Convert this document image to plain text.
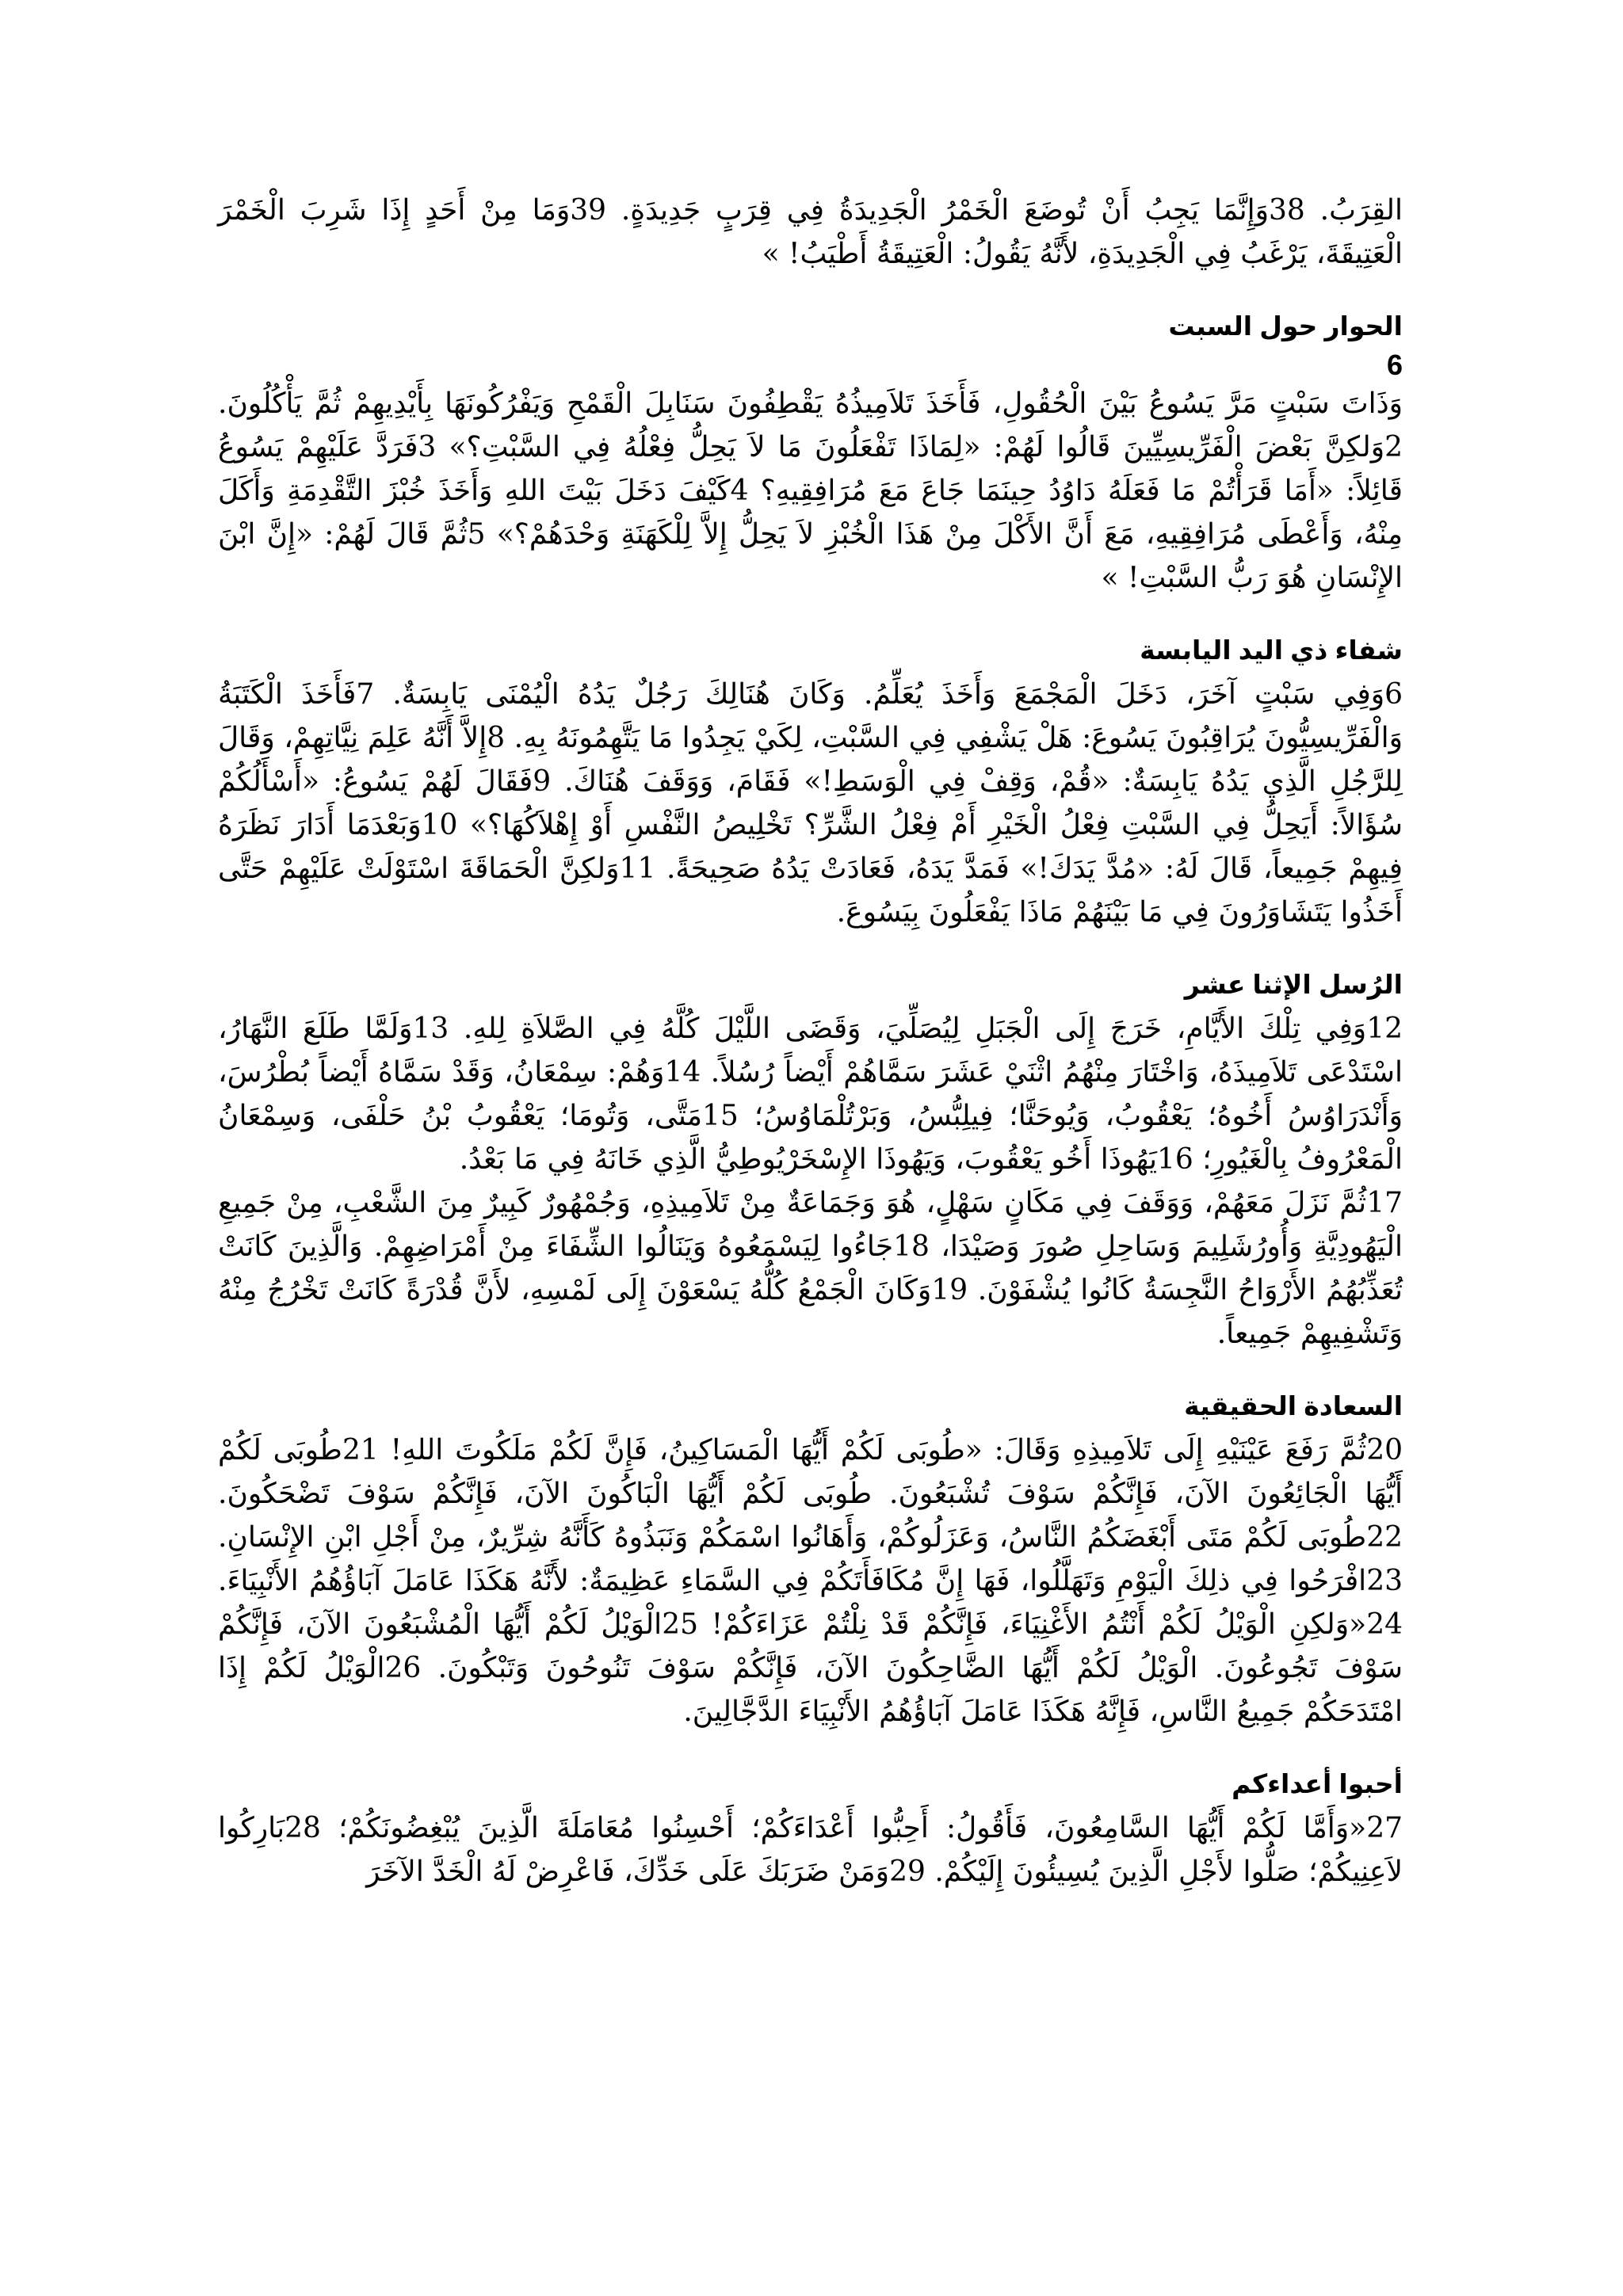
القِرَبُ. 38وَإِنَّمَا يَجِبُ أَنْ تُوضَعَ الْخَمْرُ الْجَدِيدَةُ فِي قِرَبٍ جَدِيدَةٍ. 39وَمَا مِنْ أَحَدٍ إِذَا شَرِبَ الْخَمْرَ الْعَتِيقَةَ، يَرْغَبُ فِي الْجَدِيدَةِ، لأَنَّهُ يَقُولُ: الْعَتِيقَةُ أَطْيَبُ! »

الحوار حول السبت
6

وَذَاتَ سَبْتٍ مَرَّ يَسُوعُ بَيْنَ الْحُقُولِ، فَأَخَذَ تَلاَمِيذُهُ يَقْطِفُونَ سَنَابِلَ الْقَمْحِ وَيَفْرُكُونَهَا بِأَيْدِيهِمْ ثُمَّ يَأْكُلُونَ. 2وَلكِنَّ بَعْضَ الْفَرِّيسِيِّينَ قَالُوا لَهُمْ: «لِمَاذَا تَفْعَلُونَ مَا لاَ يَحِلُّ فِعْلُهُ فِي السَّبْتِ؟» 3فَرَدَّ عَلَيْهِمْ يَسُوعُ قَائِلاً: «أَمَا قَرَأْتُمْ مَا فَعَلَهُ دَاوُدُ حِينَمَا جَاعَ مَعَ مُرَافِقِيهِ؟ 4كَيْفَ دَخَلَ بَيْتَ اللهِ وَأَخَذَ خُبْزَ التَّقْدِمَةِ وَأَكَلَ مِنْهُ، وَأَعْطَى مُرَافِقِيهِ، مَعَ أَنَّ الأَكْلَ مِنْ هَذَا الْخُبْزِ لاَ يَحِلُّ إِلاَّ لِلْكَهَنَةِ وَحْدَهُمْ؟» 5ثُمَّ قَالَ لَهُمْ: «إِنَّ ابْنَ الإِنْسَانِ هُوَ رَبُّ السَّبْتِ! »

شفاء ذي اليد اليابسة

6وَفِي سَبْتٍ آخَرَ، دَخَلَ الْمَجْمَعَ وَأَخَذَ يُعَلِّمُ. وَكَانَ هُنَالِكَ رَجُلٌ يَدُهُ الْيُمْنَى يَابِسَةٌ. 7فَأَخَذَ الْكَتَبَةُ وَالْفَرِّيسِيُّونَ يُرَاقِبُونَ يَسُوعَ: هَلْ يَشْفِي فِي السَّبْتِ، لِكَيْ يَجِدُوا مَا يَتَّهِمُونَهُ بِهِ. 8إِلاَّ أَنَّهُ عَلِمَ نِيَّاتِهِمْ، وَقَالَ لِلرَّجُلِ الَّذِي يَدُهُ يَابِسَةٌ: «قُمْ، وَقِفْ فِي الْوَسَطِ!» فَقَامَ، وَوَقَفَ هُنَاكَ. 9فَقَالَ لَهُمْ يَسُوعُ: «أَسْأَلُكُمْ سُؤَالاً: أَيَحِلُّ فِي السَّبْتِ فِعْلُ الْخَيْرِ أَمْ فِعْلُ الشَّرِّ؟ تَخْلِيصُ النَّفْسِ أَوْ إِهْلاَكُهَا؟» 10وَبَعْدَمَا أَدَارَ نَظَرَهُ فِيهِمْ جَمِيعاً، قَالَ لَهُ: «مُدَّ يَدَكَ!» فَمَدَّ يَدَهُ، فَعَادَتْ يَدُهُ صَحِيحَةً. 11وَلكِنَّ الْحَمَاقَةَ اسْتَوْلَتْ عَلَيْهِمْ حَتَّى أَخَذُوا يَتَشَاوَرُونَ فِي مَا بَيْنَهُمْ مَاذَا يَفْعَلُونَ بِيَسُوعَ.

الرُسل الإثنا عشر

12وَفِي تِلْكَ الأَيَّامِ، خَرَجَ إِلَى الْجَبَلِ لِيُصَلِّيَ، وَقَضَى اللَّيْلَ كُلَّهُ فِي الصَّلاَةِ لِلهِ. 13وَلَمَّا طَلَعَ النَّهَارُ، اسْتَدْعَى تَلاَمِيذَهُ، وَاخْتَارَ مِنْهُمُ اثْنَيْ عَشَرَ سَمَّاهُمْ أَيْضاً رُسُلاً. 14وَهُمْ: سِمْعَانُ، وَقَدْ سَمَّاهُ أَيْضاً بُطْرُسَ، وَأَنْدَرَاوُسُ أَخُوهُ؛ يَعْقُوبُ، وَيُوحَنَّا؛ فِيلِبُّسُ، وَبَرْتُلْمَاوُسُ؛ 15مَتَّى، وَتُومَا؛ يَعْقُوبُ بْنُ حَلْفَى، وَسِمْعَانُ الْمَعْرُوفُ بِالْغَيُورِ؛ 16يَهُوذَا أَخُو يَعْقُوبَ، وَيَهُوذَا الإِسْخَرْيُوطِيُّ الَّذِي خَانَهُ فِي مَا بَعْدُ.

17ثُمَّ نَزَلَ مَعَهُمْ، وَوَقَفَ فِي مَكَانٍ سَهْلٍ، هُوَ وَجَمَاعَةٌ مِنْ تَلاَمِيذِهِ، وَجُمْهُورٌ كَبِيرٌ مِنَ الشَّعْبِ، مِنْ جَمِيعِ الْيَهُودِيَّةِ وَأُورُشَلِيمَ وَسَاحِلِ صُورَ وَصَيْدَا، 18جَاءُوا لِيَسْمَعُوهُ وَيَنَالُوا الشِّفَاءَ مِنْ أَمْرَاضِهِمْ. وَالَّذِينَ كَانَتْ تُعَذِّبُهُمُ الأَرْوَاحُ النَّجِسَةُ كَانُوا يُشْفَوْنَ. 19وَكَانَ الْجَمْعُ كُلُّهُ يَسْعَوْنَ إِلَى لَمْسِهِ، لأَنَّ قُدْرَةً كَانَتْ تَخْرُجُ مِنْهُ وَتَشْفِيهِمْ جَمِيعاً.

السعادة الحقيقية

20ثُمَّ رَفَعَ عَيْنَيْهِ إِلَى تَلاَمِيذِهِ وَقَالَ: «طُوبَى لَكُمْ أَيُّهَا الْمَسَاكِينُ، فَإِنَّ لَكُمْ مَلَكُوتَ اللهِ! 21طُوبَى لَكُمْ أَيُّهَا الْجَائِعُونَ الآنَ، فَإِنَّكُمْ سَوْفَ تُشْبَعُونَ. طُوبَى لَكُمْ أَيُّهَا الْبَاكُونَ الآنَ، فَإِنَّكُمْ سَوْفَ تَضْحَكُونَ. 22طُوبَى لَكُمْ مَتَى أَبْغَضَكُمُ النَّاسُ، وَعَزَلُوكُمْ، وَأَهَانُوا اسْمَكُمْ وَنَبَذُوهُ كَأَنَّهُ شِرِّيرٌ، مِنْ أَجْلِ ابْنِ الإِنْسَانِ. 23افْرَحُوا فِي ذلِكَ الْيَوْمِ وَتَهَلَّلُوا، فَهَا إِنَّ مُكَافَأَتَكُمْ فِي السَّمَاءِ عَظِيمَةٌ: لأَنَّهُ هَكَذَا عَامَلَ آبَاؤُهُمُ الأَنْبِيَاءَ. 24«وَلكِنِ الْوَيْلُ لَكُمْ أَنْتُمُ الأَغْنِيَاءَ، فَإِنَّكُمْ قَدْ نِلْتُمْ عَزَاءَكُمْ! 25الْوَيْلُ لَكُمْ أَيُّهَا الْمُشْبَعُونَ الآنَ، فَإِنَّكُمْ سَوْفَ تَجُوعُونَ. الْوَيْلُ لَكُمْ أَيُّهَا الضَّاحِكُونَ الآنَ، فَإِنَّكُمْ سَوْفَ تَنُوحُونَ وَتَبْكُونَ. 26الْوَيْلُ لَكُمْ إِذَا امْتَدَحَكُمْ جَمِيعُ النَّاسِ، فَإِنَّهُ هَكَذَا عَامَلَ آبَاؤُهُمُ الأَنْبِيَاءَ الدَّجَّالِينَ.

أحبوا أعداءكم

27«وَأَمَّا لَكُمْ أَيُّهَا السَّامِعُونَ، فَأَقُولُ: أَحِبُّوا أَعْدَاءَكُمْ؛ أَحْسِنُوا مُعَامَلَةَ الَّذِينَ يُبْغِضُونَكُمْ؛ 28بَارِكُوا لاَعِنِيكُمْ؛ صَلُّوا لأَجْلِ الَّذِينَ يُسِيئُونَ إِلَيْكُمْ. 29وَمَنْ ضَرَبَكَ عَلَى خَدِّكَ، فَاعْرِضْ لَهُ الْخَدَّ الآخَرَ
